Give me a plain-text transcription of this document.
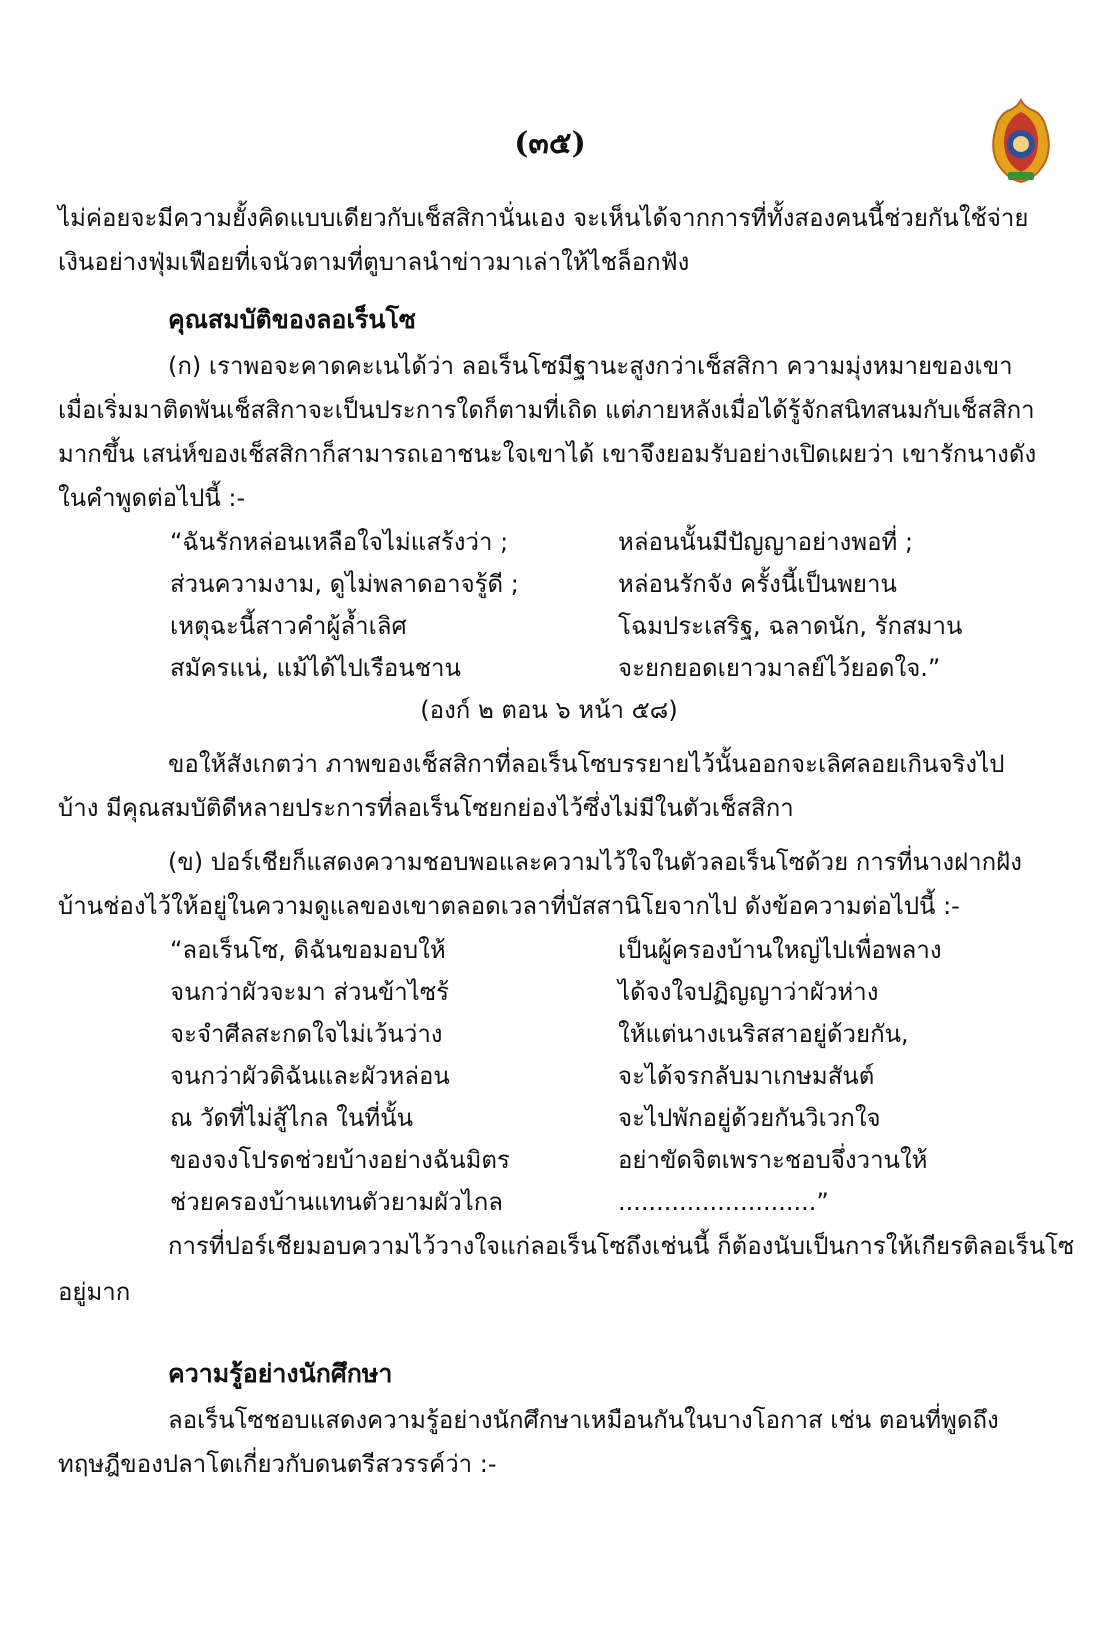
(๓๕)
ไม่ค่อยจะมีความยั้งคิดแบบเดียวกับเช็สสิกานั่นเอง จะเห็นได้จากการที่ทั้งสองคนนี้ช่วยกันใช้จ่าย
เงินอย่างฟุ่มเฟือยที่เจนัวตามที่ตูบาลนำข่าวมาเล่าให้ไชล็อกฟัง
คุณสมบัติของลอเร็นโซ
(ก) เราพอจะคาดคะเนได้ว่า ลอเร็นโซมีฐานะสูงกว่าเช็สสิกา ความมุ่งหมายของเขา
เมื่อเริ่มมาติดพันเช็สสิกาจะเป็นประการใดก็ตามที่เถิด แต่ภายหลังเมื่อได้รู้จักสนิทสนมกับเช็สสิกา
มากขึ้น เสน่ห์ของเช็สสิกาก็สามารถเอาชนะใจเขาได้ เขาจึงยอมรับอย่างเปิดเผยว่า เขารักนางดัง
ในคำพูดต่อไปนี้ :-
“ฉันรักหล่อนเหลือใจไม่แสร้งว่า ;	หล่อนนั้นมีปัญญาอย่างพอที่ ;
ส่วนความงาม, ดูไม่พลาดอาจรู้ดี ;	หล่อนรักจัง ครั้งนี้เป็นพยาน
เหตุฉะนี้สาวคำผู้ล้ำเลิศ	โฉมประเสริฐ, ฉลาดนัก, รักสมาน
สมัครแน่, แม้ได้ไปเรือนชาน	จะยกยอดเยาวมาลย์ไว้ยอดใจ.”
(องก์ ๒ ตอน ๖ หน้า ๕๘)
ขอให้สังเกตว่า ภาพของเช็สสิกาที่ลอเร็นโซบรรยายไว้นั้นออกจะเลิศลอยเกินจริงไป
บ้าง มีคุณสมบัติดีหลายประการที่ลอเร็นโซยกย่องไว้ซึ่งไม่มีในตัวเช็สสิกา
(ข) ปอร์เชียก็แสดงความชอบพอและความไว้ใจในตัวลอเร็นโซด้วย การที่นางฝากฝัง
บ้านช่องไว้ให้อยู่ในความดูแลของเขาตลอดเวลาที่บัสสานิโยจากไป ดังข้อความต่อไปนี้ :-
“ลอเร็นโซ, ดิฉันขอมอบให้	เป็นผู้ครองบ้านใหญ่ไปเพื่อพลาง
จนกว่าผัวจะมา ส่วนข้าไซร้	ได้จงใจปฏิญญาว่าผัวห่าง
จะจำศีลสะกดใจไม่เว้นว่าง	ให้แต่นางเนริสสาอยู่ด้วยกัน,
จนกว่าผัวดิฉันและผัวหล่อน	จะได้จรกลับมาเกษมสันต์
ณ วัดที่ไม่สู้ไกล ในที่นั้น	จะไปพักอยู่ด้วยกันวิเวกใจ
ของจงโปรดช่วยบ้างอย่างฉันมิตร	อย่าขัดจิตเพราะชอบจึ่งวานให้
ช่วยครองบ้านแทนตัวยามผัวไกล	..........................”
การที่ปอร์เชียมอบความไว้วางใจแก่ลอเร็นโซถึงเช่นนี้ ก็ต้องนับเป็นการให้เกียรติลอเร็นโซ
อยู่มาก
ความรู้อย่างนักศึกษา
ลอเร็นโซชอบแสดงความรู้อย่างนักศึกษาเหมือนกันในบางโอกาส เช่น ตอนที่พูดถึง
ทฤษฎีของปลาโตเกี่ยวกับดนตรีสวรรค์ว่า :-
